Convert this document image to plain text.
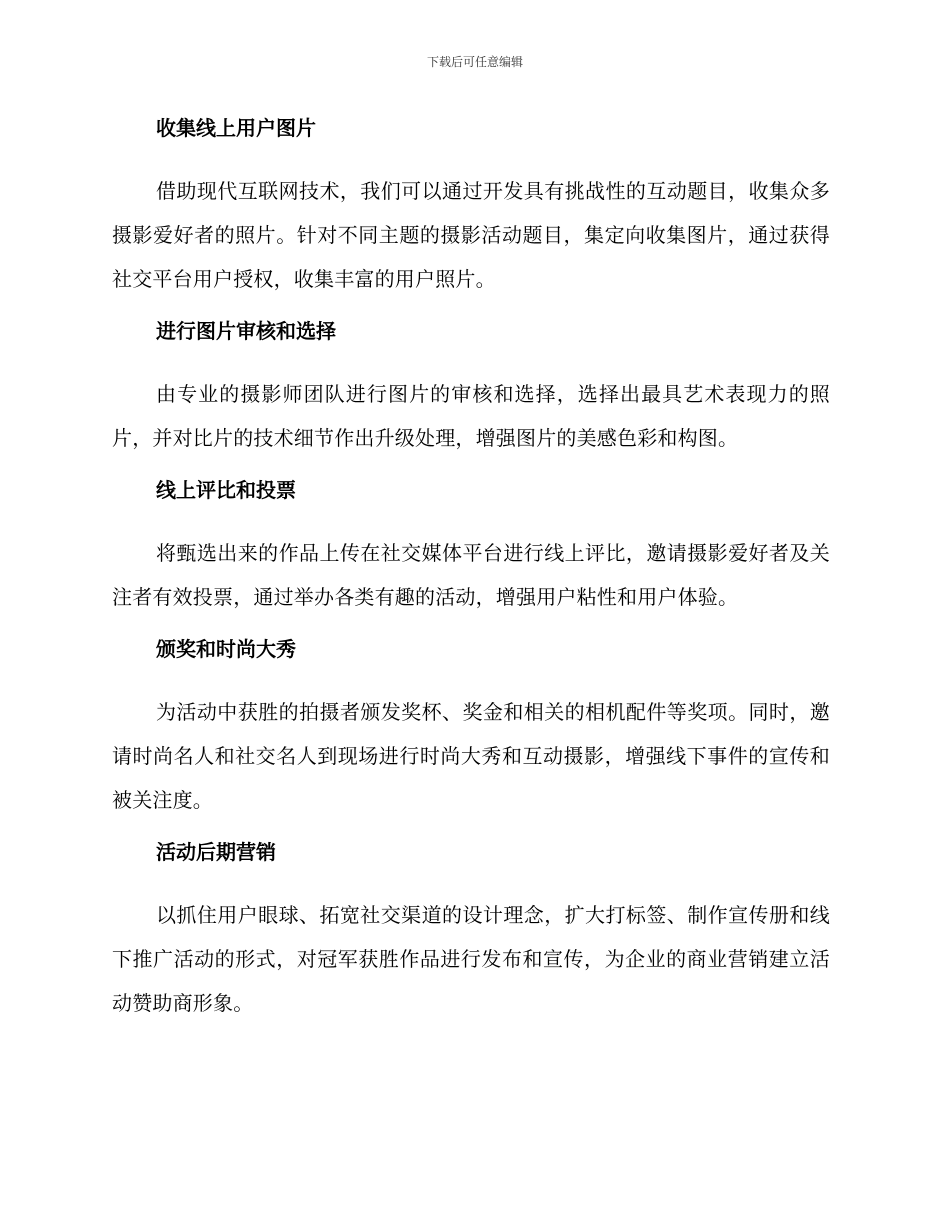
下载后可任意编辑
收集线上用户图片

借助现代互联网技术，我们可以通过开发具有挑战性的互动题目，收集众多摄影爱好者的照片。针对不同主题的摄影活动题目，集定向收集图片，通过获得社交平台用户授权，收集丰富的用户照片。

进行图片审核和选择

由专业的摄影师团队进行图片的审核和选择，选择出最具艺术表现力的照片，并对比片的技术细节作出升级处理，增强图片的美感色彩和构图。

线上评比和投票

将甄选出来的作品上传在社交媒体平台进行线上评比，邀请摄影爱好者及关注者有效投票，通过举办各类有趣的活动，增强用户粘性和用户体验。

颁奖和时尚大秀

为活动中获胜的拍摄者颁发奖杯、奖金和相关的相机配件等奖项。同时，邀请时尚名人和社交名人到现场进行时尚大秀和互动摄影，增强线下事件的宣传和被关注度。

活动后期营销

以抓住用户眼球、拓宽社交渠道的设计理念，扩大打标签、制作宣传册和线下推广活动的形式，对冠军获胜作品进行发布和宣传，为企业的商业营销建立活动赞助商形象。
